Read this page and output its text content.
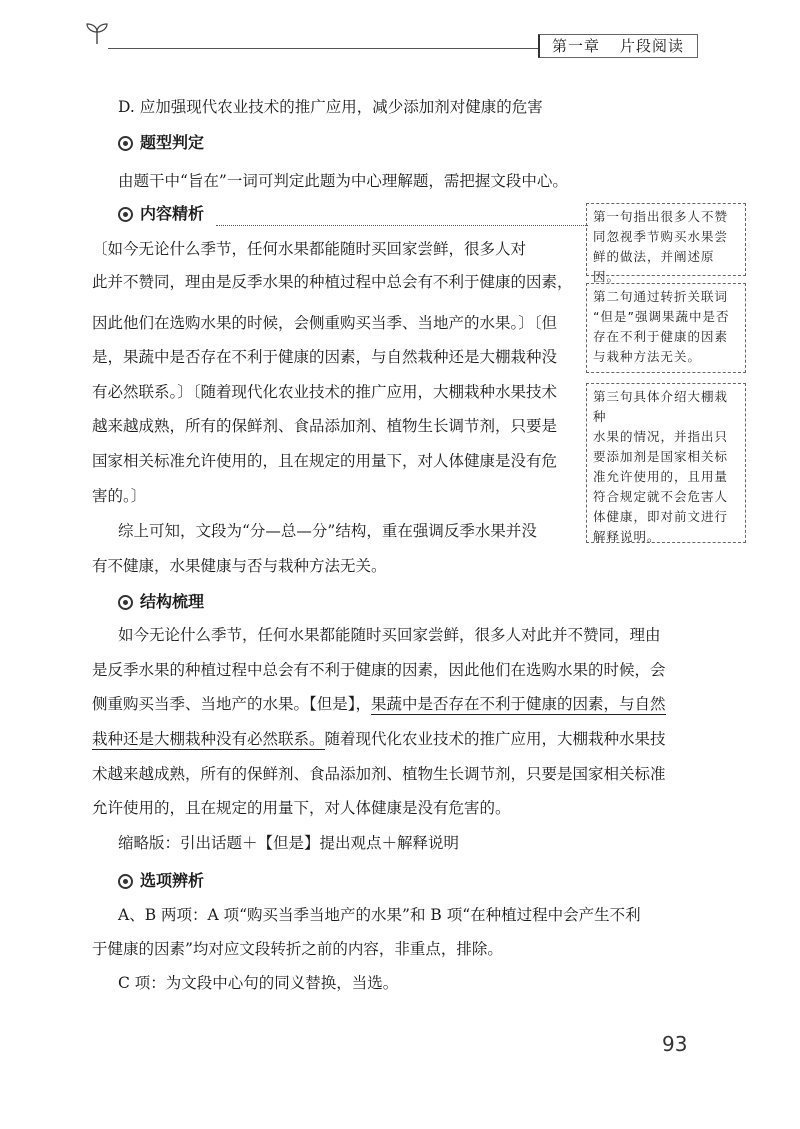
第一章 片段阅读
D. 应加强现代农业技术的推广应用，减少添加剂对健康的危害
题型判定
由题干中“旨在”一词可判定此题为中心理解题，需把握文段中心。
内容精析
〔如今无论什么季节，任何水果都能随时买回家尝鲜，很多人对
此并不赞同，理由是反季水果的种植过程中总会有不利于健康的因素，
因此他们在选购水果的时候，会侧重购买当季、当地产的水果。〕〔但
是，果蔬中是否存在不利于健康的因素，与自然栽种还是大棚栽种没
有必然联系。〕〔随着现代化农业技术的推广应用，大棚栽种水果技术
越来越成熟，所有的保鲜剂、食品添加剂、植物生长调节剂，只要是
国家相关标准允许使用的，且在规定的用量下，对人体健康是没有危
害的。〕
综上可知，文段为“分—总—分”结构，重在强调反季水果并没
有不健康，水果健康与否与栽种方法无关。
第一句指出很多人不赞
同忽视季节购买水果尝
鲜的做法，并阐述原因。
第二句通过转折关联词
“但是”强调果蔬中是否
存在不利于健康的因素
与栽种方法无关。
第三句具体介绍大棚栽种
水果的情况，并指出只
要添加剂是国家相关标
准允许使用的，且用量
符合规定就不会危害人
体健康，即对前文进行
解释说明。
结构梳理
如今无论什么季节，任何水果都能随时买回家尝鲜，很多人对此并不赞同，理由
是反季水果的种植过程中总会有不利于健康的因素，因此他们在选购水果的时候，会
侧重购买当季、当地产的水果。【但是】，果蔬中是否存在不利于健康的因素，与自然
栽种还是大棚栽种没有必然联系。随着现代化农业技术的推广应用，大棚栽种水果技
术越来越成熟，所有的保鲜剂、食品添加剂、植物生长调节剂，只要是国家相关标准
允许使用的，且在规定的用量下，对人体健康是没有危害的。
缩略版：引出话题＋【但是】提出观点＋解释说明
选项辨析
A、B 两项：A 项“购买当季当地产的水果”和 B 项“在种植过程中会产生不利
于健康的因素”均对应文段转折之前的内容，非重点，排除。
C 项：为文段中心句的同义替换，当选。
93
